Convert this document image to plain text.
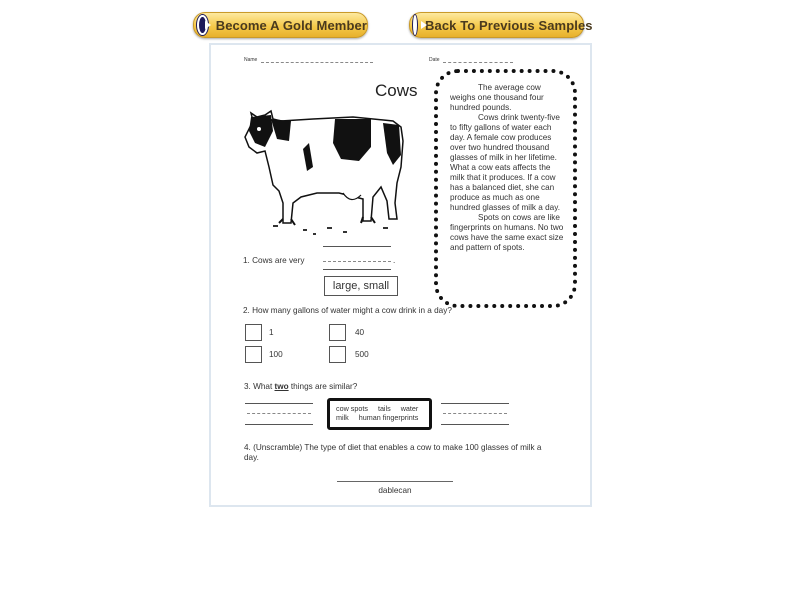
Become A Gold Member	Back To Previous Samples
Name	Date
Cows	The average cow weighs one thousand four hundred pounds.

Cows drink twenty-five to fifty gallons of water each day. A female cow produces over two hundred thousand glasses of milk in her lifetime. What a cow eats affects the milk that it produces. If a cow has a balanced diet, she can produce as much as one hundred glasses of milk a day.

Spots on cows are like fingerprints on humans. No two cows have the same exact size and pattern of spots.

1. Cows are very	.
large, small
2. How many gallons of water might a cow drink in a day?
1	40
100	500
3. What two things are similar?
cow spots     tails     water
milk     human fingerprints
4. (Unscramble) The type of diet that enables a cow to make 100 glasses of milk a day.
dablecan
